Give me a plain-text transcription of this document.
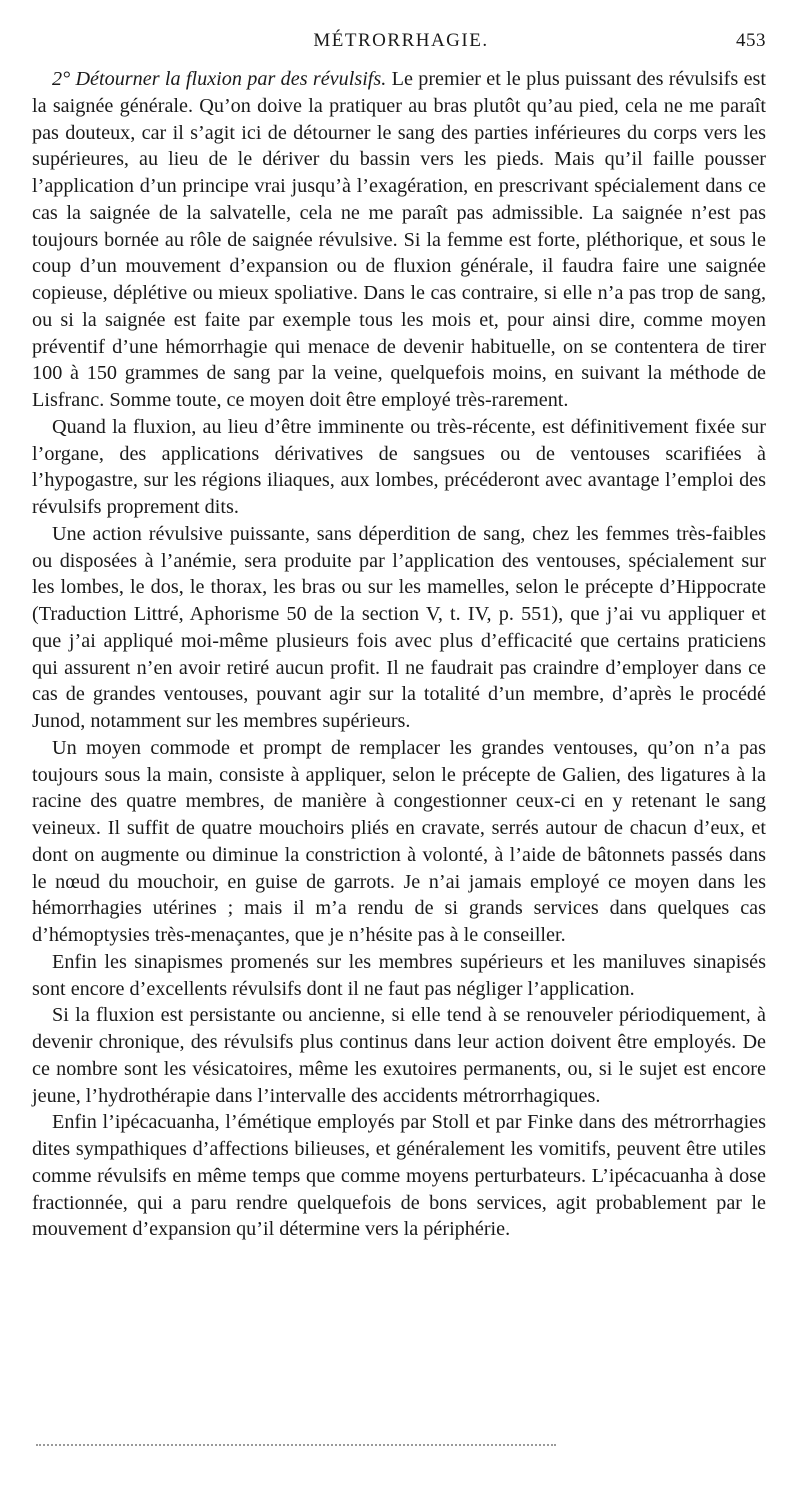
MÉTRORRHAGIE.	453

2° Détourner la fluxion par des révulsifs. Le premier et le plus puissant des révulsifs est la saignée générale. Qu’on doive la pratiquer au bras plutôt qu’au pied, cela ne me paraît pas douteux, car il s’agit ici de détourner le sang des parties inférieures du corps vers les supérieures, au lieu de le dériver du bassin vers les pieds. Mais qu’il faille pousser l’application d’un principe vrai jusqu’à l’exagération, en prescrivant spécialement dans ce cas la saignée de la salvatelle, cela ne me paraît pas admissible. La saignée n’est pas toujours bornée au rôle de saignée révulsive. Si la femme est forte, pléthorique, et sous le coup d’un mouvement d’expansion ou de fluxion générale, il faudra faire une saignée copieuse, déplétive ou mieux spoliative. Dans le cas contraire, si elle n’a pas trop de sang, ou si la saignée est faite par exemple tous les mois et, pour ainsi dire, comme moyen préventif d’une hémorrhagie qui menace de devenir habituelle, on se contentera de tirer 100 à 150 grammes de sang par la veine, quelquefois moins, en suivant la méthode de Lisfranc. Somme toute, ce moyen doit être employé très-rarement.

Quand la fluxion, au lieu d’être imminente ou très-récente, est définitivement fixée sur l’organe, des applications dérivatives de sangsues ou de ventouses scarifiées à l’hypogastre, sur les régions iliaques, aux lombes, précéderont avec avantage l’emploi des révulsifs proprement dits.

Une action révulsive puissante, sans déperdition de sang, chez les femmes très-faibles ou disposées à l’anémie, sera produite par l’application des ventouses, spécialement sur les lombes, le dos, le thorax, les bras ou sur les mamelles, selon le précepte d’Hippocrate (Traduction Littré, Aphorisme 50 de la section V, t. IV, p. 551), que j’ai vu appliquer et que j’ai appliqué moi-même plusieurs fois avec plus d’efficacité que certains praticiens qui assurent n’en avoir retiré aucun profit. Il ne faudrait pas craindre d’employer dans ce cas de grandes ventouses, pouvant agir sur la totalité d’un membre, d’après le procédé Junod, notamment sur les membres supérieurs.

Un moyen commode et prompt de remplacer les grandes ventouses, qu’on n’a pas toujours sous la main, consiste à appliquer, selon le précepte de Galien, des ligatures à la racine des quatre membres, de manière à congestionner ceux-ci en y retenant le sang veineux. Il suffit de quatre mouchoirs pliés en cravate, serrés autour de chacun d’eux, et dont on augmente ou diminue la constriction à volonté, à l’aide de bâtonnets passés dans le nœud du mouchoir, en guise de garrots. Je n’ai jamais employé ce moyen dans les hémorrhagies utérines ; mais il m’a rendu de si grands services dans quelques cas d’hémoptysies très-menaçantes, que je n’hésite pas à le conseiller.

Enfin les sinapismes promenés sur les membres supérieurs et les maniluves sinapisés sont encore d’excellents révulsifs dont il ne faut pas négliger l’application.

Si la fluxion est persistante ou ancienne, si elle tend à se renouveler périodiquement, à devenir chronique, des révulsifs plus continus dans leur action doivent être employés. De ce nombre sont les vésicatoires, même les exutoires permanents, ou, si le sujet est encore jeune, l’hydrothérapie dans l’intervalle des accidents métrorrhagiques.

Enfin l’ipécacuanha, l’émétique employés par Stoll et par Finke dans des métrorrhagies dites sympathiques d’affections bilieuses, et généralement les vomitifs, peuvent être utiles comme révulsifs en même temps que comme moyens perturbateurs. L’ipécacuanha à dose fractionnée, qui a paru rendre quelquefois de bons services, agit probablement par le mouvement d’expansion qu’il détermine vers la périphérie.
